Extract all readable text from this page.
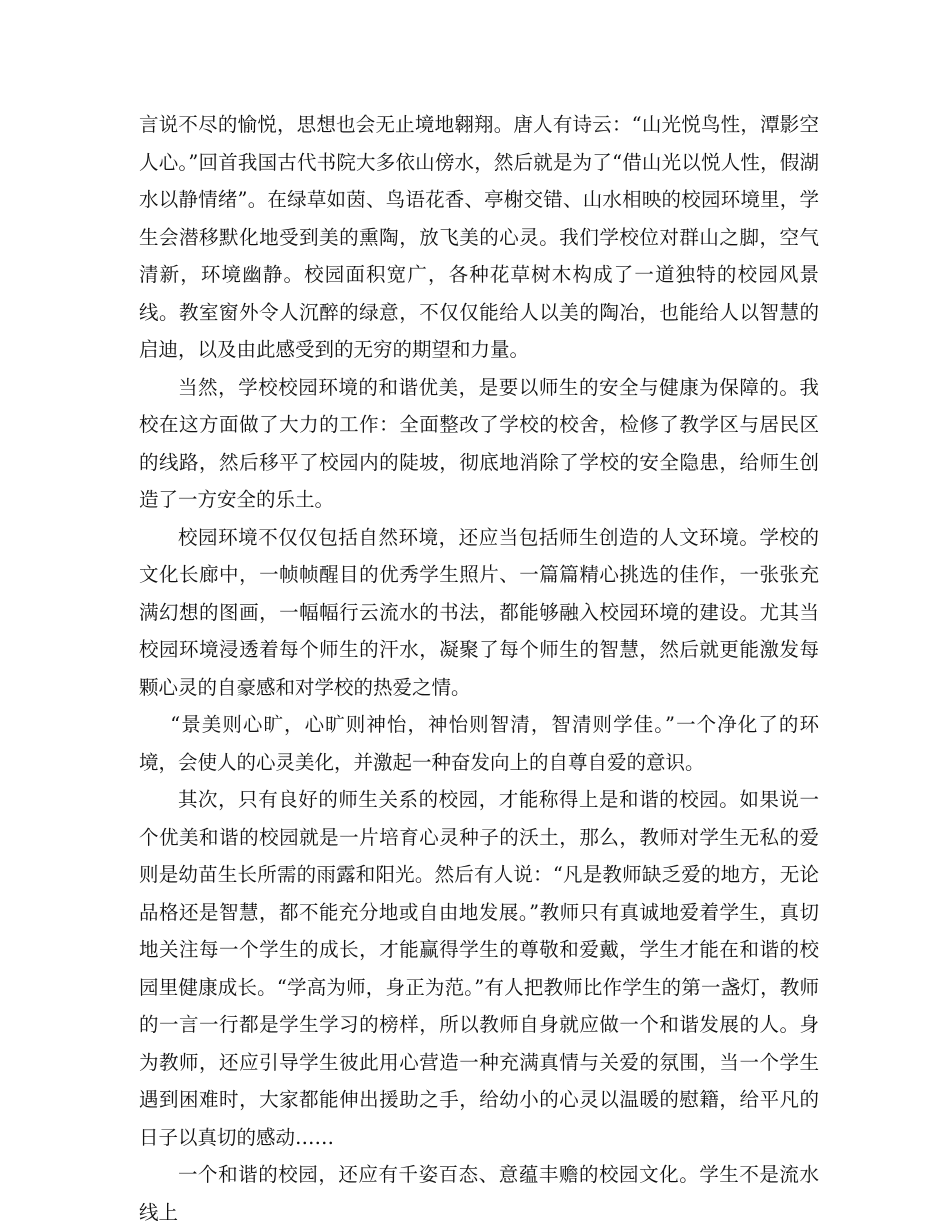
言说不尽的愉悦，思想也会无止境地翱翔。唐人有诗云：“山光悦鸟性，潭影空人心。”回首我国古代书院大多依山傍水，然后就是为了“借山光以悦人性，假湖水以静情绪”。在绿草如茵、鸟语花香、亭榭交错、山水相映的校园环境里，学生会潜移默化地受到美的熏陶，放飞美的心灵。我们学校位对群山之脚，空气清新，环境幽静。校园面积宽广，各种花草树木构成了一道独特的校园风景线。教室窗外令人沉醉的绿意，不仅仅能给人以美的陶冶，也能给人以智慧的启迪，以及由此感受到的无穷的期望和力量。

当然，学校校园环境的和谐优美，是要以师生的安全与健康为保障的。我校在这方面做了大力的工作：全面整改了学校的校舍，检修了教学区与居民区的线路，然后移平了校园内的陡坡，彻底地消除了学校的安全隐患，给师生创造了一方安全的乐土。

校园环境不仅仅包括自然环境，还应当包括师生创造的人文环境。学校的文化长廊中，一帧帧醒目的优秀学生照片、一篇篇精心挑选的佳作，一张张充满幻想的图画，一幅幅行云流水的书法，都能够融入校园环境的建设。尤其当校园环境浸透着每个师生的汗水，凝聚了每个师生的智慧，然后就更能激发每颗心灵的自豪感和对学校的热爱之情。

“景美则心旷，心旷则神怡，神怡则智清，智清则学佳。”一个净化了的环境，会使人的心灵美化，并激起一种奋发向上的自尊自爱的意识。

其次，只有良好的师生关系的校园，才能称得上是和谐的校园。如果说一个优美和谐的校园就是一片培育心灵种子的沃土，那么，教师对学生无私的爱则是幼苗生长所需的雨露和阳光。然后有人说：“凡是教师缺乏爱的地方，无论品格还是智慧，都不能充分地或自由地发展。”教师只有真诚地爱着学生，真切地关注每一个学生的成长，才能赢得学生的尊敬和爱戴，学生才能在和谐的校园里健康成长。“学高为师，身正为范。”有人把教师比作学生的第一盏灯，教师的一言一行都是学生学习的榜样，所以教师自身就应做一个和谐发展的人。身为教师，还应引导学生彼此用心营造一种充满真情与关爱的氛围，当一个学生遇到困难时，大家都能伸出援助之手，给幼小的心灵以温暖的慰籍，给平凡的日子以真切的感动……

一个和谐的校园，还应有千姿百态、意蕴丰赡的校园文化。学生不是流水线上
